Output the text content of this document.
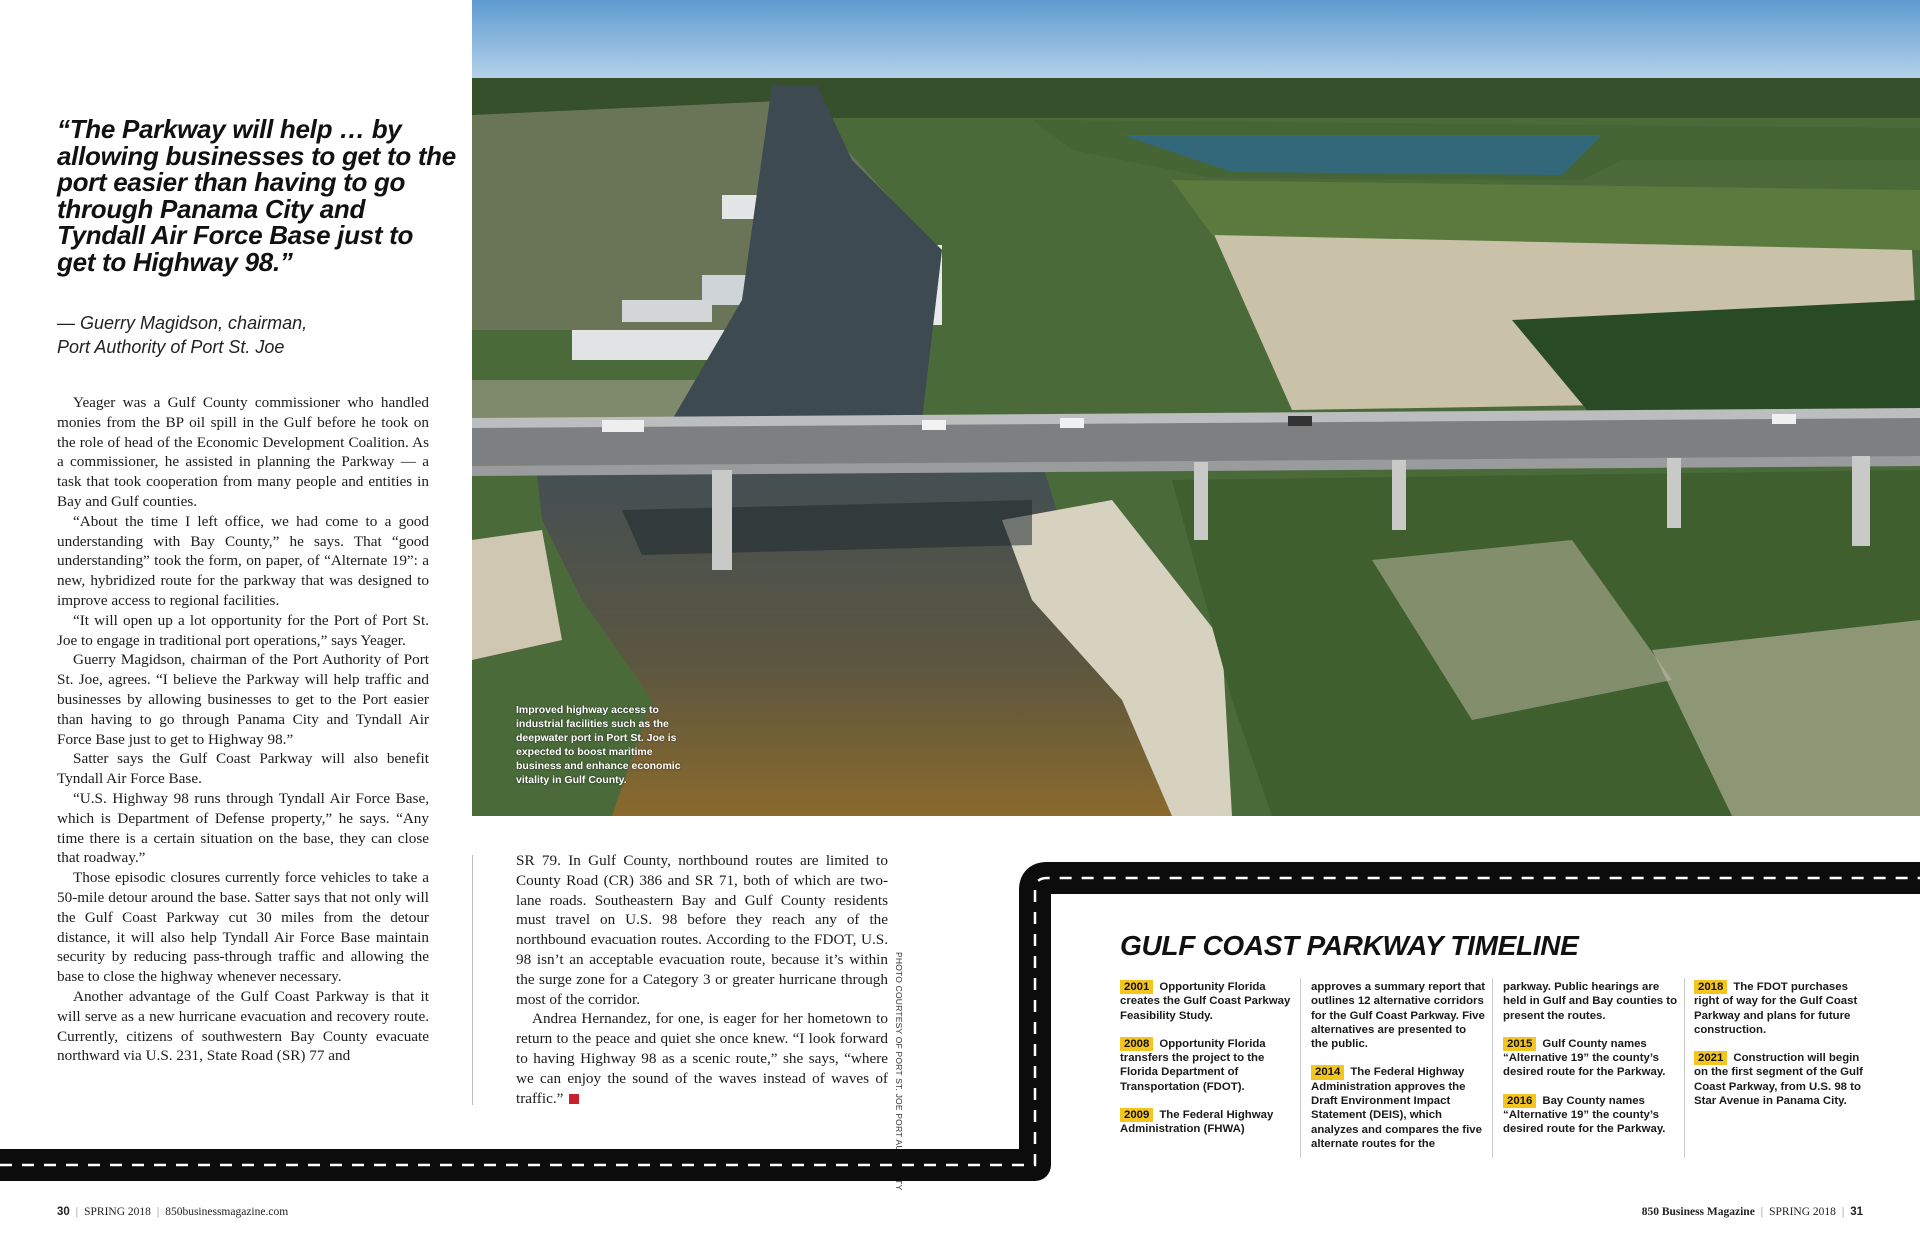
Improved highway access to industrial facilities such as the deepwater port in Port St. Joe is expected to boost maritime business and enhance economic vitality in Gulf County.
PHOTO COURTESY OF PORT ST. JOE PORT AUTHORITY
“The Parkway will help … by allowing businesses to get to the port easier than having to go through Panama City and Tyndall Air Force Base just to get to Highway 98.”
— Guerry Magidson, chairman,
Port Authority of Port St. Joe

Yeager was a Gulf County commissioner who handled monies from the BP oil spill in the Gulf before he took on the role of head of the Economic Development Coalition. As a commissioner, he assisted in planning the Parkway — a task that took cooperation from many people and entities in Bay and Gulf counties.

“About the time I left office, we had come to a good understanding with Bay County,” he says. That “good understanding” took the form, on paper, of “Alternate 19”: a new, hybridized route for the parkway that was designed to improve access to regional facilities.

“It will open up a lot opportunity for the Port of Port St. Joe to engage in traditional port operations,” says Yeager.

Guerry Magidson, chairman of the Port Authority of Port St. Joe, agrees. “I believe the Parkway will help traffic and businesses by allowing businesses to get to the Port easier than having to go through Panama City and Tyndall Air Force Base just to get to Highway 98.”

Satter says the Gulf Coast Parkway will also benefit Tyndall Air Force Base.

“U.S. Highway 98 runs through Tyndall Air Force Base, which is Department of Defense property,” he says. “Any time there is a certain situation on the base, they can close that roadway.”

Those episodic closures currently force vehicles to take a 50-mile detour around the base. Satter says that not only will the Gulf Coast Parkway cut 30 miles from the detour distance, it will also help Tyndall Air Force Base maintain security by reducing pass-through traffic and allowing the base to close the highway whenever necessary.

Another advantage of the Gulf Coast Parkway is that it will serve as a new hurricane evacuation and recovery route. Currently, citizens of southwestern Bay County evacuate northward via U.S. 231, State Road (SR) 77 and

SR 79. In Gulf County, northbound routes are limited to County Road (CR) 386 and SR 71, both of which are two-lane roads. Southeastern Bay and Gulf County residents must travel on U.S. 98 before they reach any of the northbound evacuation routes. According to the FDOT, U.S. 98 isn’t an acceptable evacuation route, because it’s within the surge zone for a Category 3 or greater hurricane through most of the corridor.

Andrea Hernandez, for one, is eager for her hometown to return to the peace and quiet she once knew. “I look forward to having Highway 98 as a scenic route,” she says, “where we can enjoy the sound of the waves instead of waves of traffic.”

GULF COAST PARKWAY TIMELINE
2001 Opportunity Florida creates the Gulf Coast Parkway Feasibility Study.
2008 Opportunity Florida transfers the project to the Florida Department of Transportation (FDOT).
2009 The Federal Highway Administration (FHWA)
approves a summary report that outlines 12 alternative corridors for the Gulf Coast Parkway. Five alternatives are presented to the public.
2014 The Federal Highway Administration approves the Draft Environment Impact Statement (DEIS), which analyzes and compares the five alternate routes for the
parkway. Public hearings are held in Gulf and Bay counties to present the routes.
2015 Gulf County names “Alternative 19” the county’s desired route for the Parkway.
2016 Bay County names “Alternative 19” the county’s desired route for the Parkway.
2018 The FDOT purchases right of way for the Gulf Coast Parkway and plans for future construction.
2021 Construction will begin on the first segment of the Gulf Coast Parkway, from U.S. 98 to Star Avenue in Panama City.
30 | SPRING 2018 | 850businessmagazine.com	850 Business Magazine | SPRING 2018 | 31
